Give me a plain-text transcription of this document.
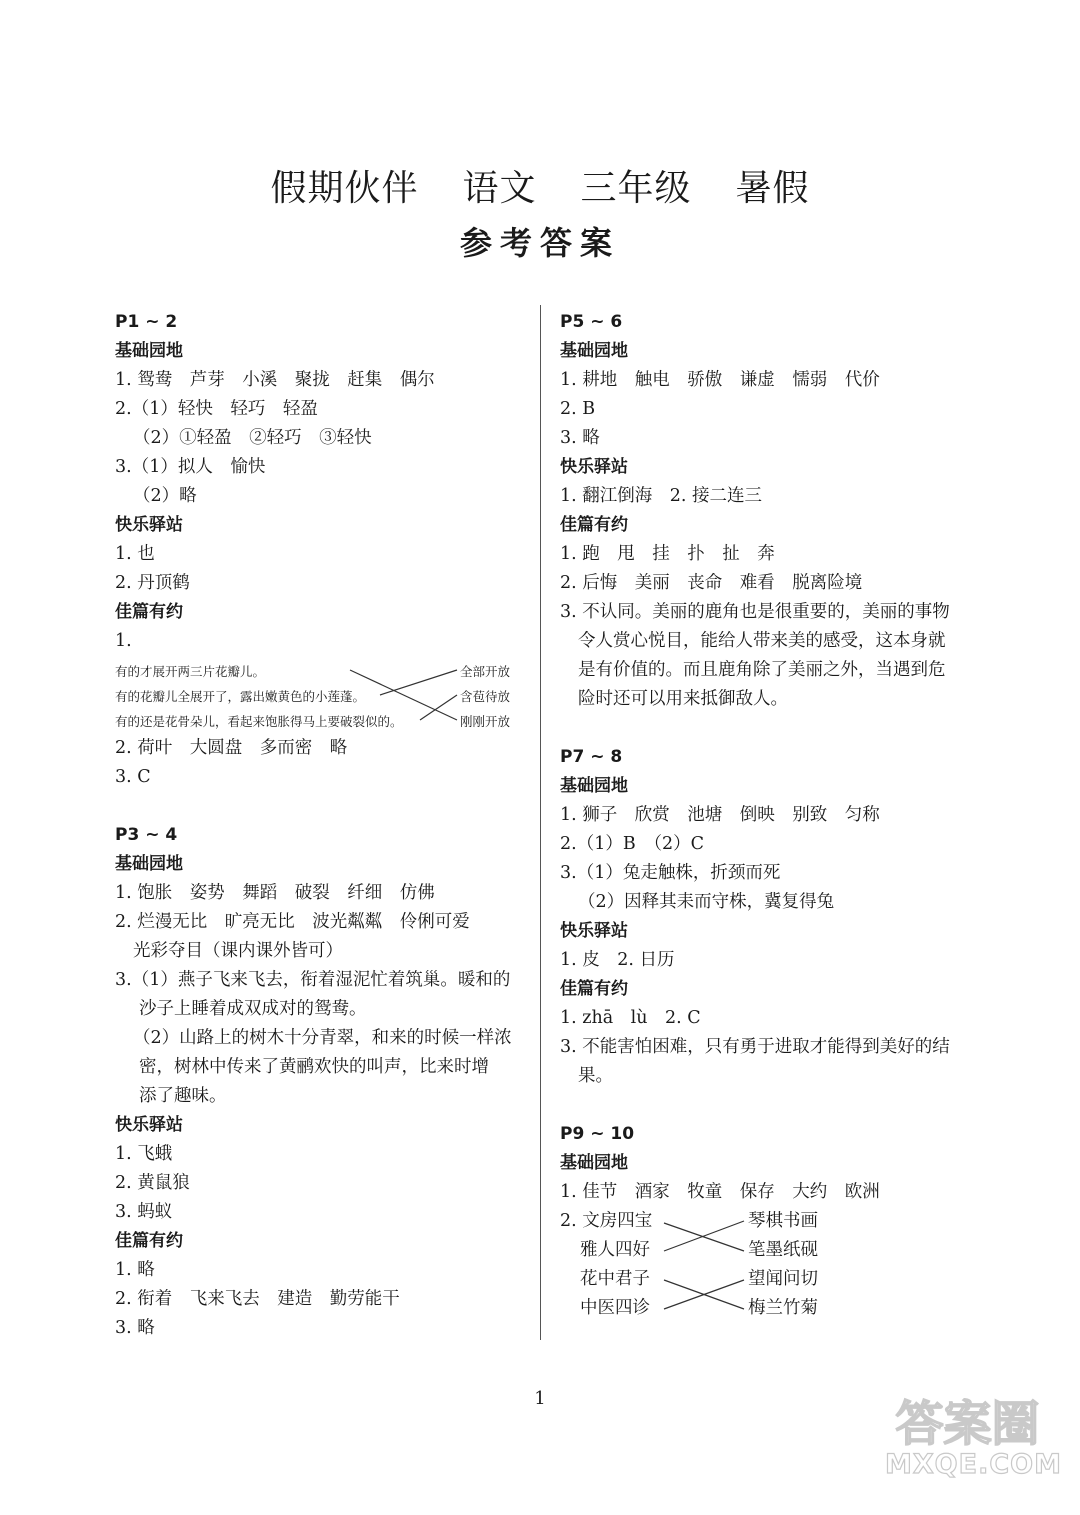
假期伙伴 语文 三年级 暑假
参考答案
P1 ~ 2
基础园地
1. 鸳鸯　芦芽　小溪　聚拢　赶集　偶尔
2.（1）轻快　轻巧　轻盈
（2）①轻盈　②轻巧　③轻快
3.（1）拟人　愉快
（2）略
快乐驿站
1. 也
2. 丹顶鹤
佳篇有约
1.
有的才展开两三片花瓣儿。
有的花瓣儿全展开了，露出嫩黄色的小莲蓬。
有的还是花骨朵儿，看起来饱胀得马上要破裂似的。
全部开放
含苞待放
刚刚开放
2. 荷叶　大圆盘　多而密　略
3. C
P3 ~ 4
基础园地
1. 饱胀　姿势　舞蹈　破裂　纤细　仿佛
2. 烂漫无比　旷亮无比　波光粼粼　伶俐可爱
光彩夺目（课内课外皆可）
3.（1）燕子飞来飞去，衔着湿泥忙着筑巢。暖和的
沙子上睡着成双成对的鸳鸯。
（2）山路上的树木十分青翠，和来的时候一样浓
密，树林中传来了黄鹂欢快的叫声，比来时增
添了趣味。
快乐驿站
1. 飞蛾
2. 黄鼠狼
3. 蚂蚁
佳篇有约
1. 略
2. 衔着　飞来飞去　建造　勤劳能干
3. 略
P5 ~ 6
基础园地
1. 耕地　触电　骄傲　谦虚　懦弱　代价
2. B
3. 略
快乐驿站
1. 翻江倒海　2. 接二连三
佳篇有约
1. 跑　甩　挂　扑　扯　奔
2. 后悔　美丽　丧命　难看　脱离险境
3. 不认同。美丽的鹿角也是很重要的，美丽的事物
令人赏心悦目，能给人带来美的感受，这本身就
是有价值的。而且鹿角除了美丽之外，当遇到危
险时还可以用来抵御敌人。
P7 ~ 8
基础园地
1. 狮子　欣赏　池塘　倒映　别致　匀称
2.（1）B　（2）C
3.（1）兔走触株，折颈而死
（2）因释其耒而守株，冀复得兔
快乐驿站
1. 皮　2. 日历
佳篇有约
1. zhā　lù　2. C
3. 不能害怕困难，只有勇于进取才能得到美好的结
果。
P9 ~ 10
基础园地
1. 佳节　酒家　牧童　保存　大约　欧洲
2. 文房四宝
雅人四好
花中君子
中医四诊
琴棋书画
笔墨纸砚
望闻问切
梅兰竹菊
1	答案圈
MXQE.COM
